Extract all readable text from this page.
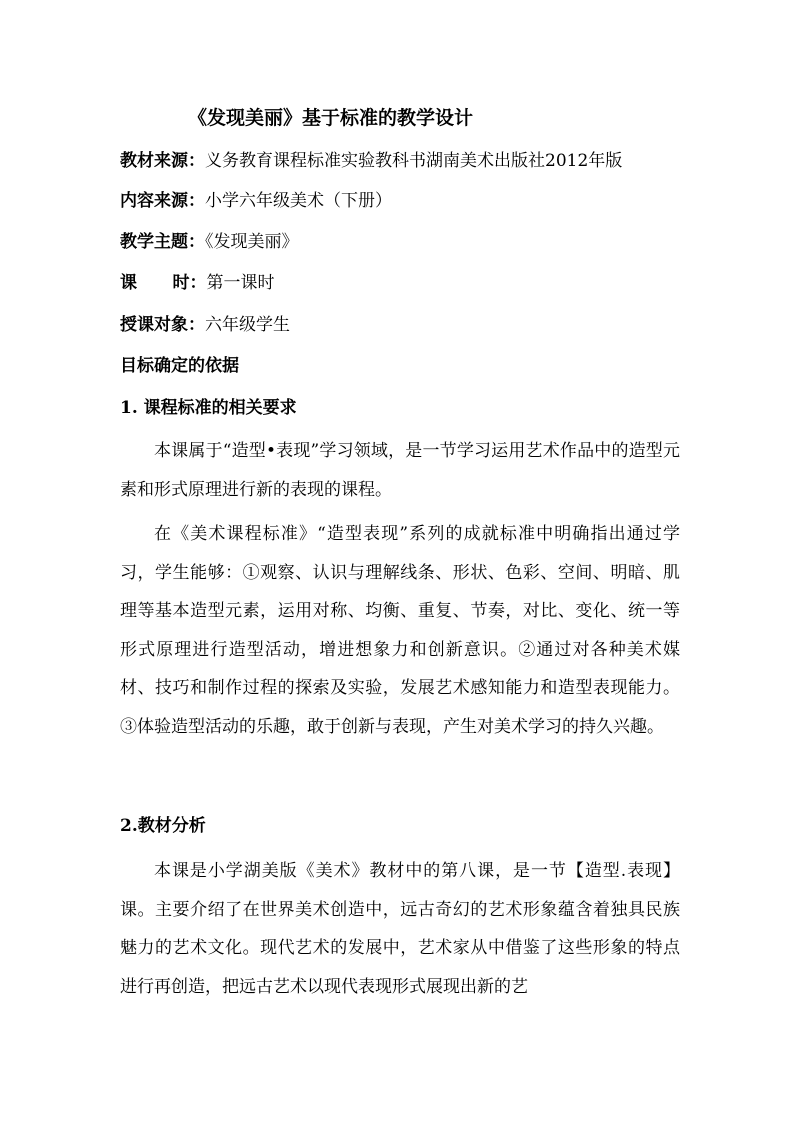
《发现美丽》基于标准的教学设计
教材来源：义务教育课程标准实验教科书湖南美术出版社2012年版
内容来源：小学六年级美术（下册）
教学主题：《发现美丽》
课      时：第一课时
授课对象：六年级学生
目标确定的依据
1. 课程标准的相关要求
本课属于“造型•表现”学习领域，是一节学习运用艺术作品中的造型元素和形式原理进行新的表现的课程。
在《美术课程标准》“造型表现”系列的成就标准中明确指出通过学习，学生能够：①观察、认识与理解线条、形状、色彩、空间、明暗、肌理等基本造型元素，运用对称、均衡、重复、节奏，对比、变化、统一等形式原理进行造型活动，增进想象力和创新意识。②通过对各种美术媒材、技巧和制作过程的探索及实验，发展艺术感知能力和造型表现能力。③体验造型活动的乐趣，敢于创新与表现，产生对美术学习的持久兴趣。
2.教材分析
本课是小学湖美版《美术》教材中的第八课，是一节【造型.表现】课。主要介绍了在世界美术创造中，远古奇幻的艺术形象蕴含着独具民族魅力的艺术文化。现代艺术的发展中，艺术家从中借鉴了这些形象的特点进行再创造，把远古艺术以现代表现形式展现出新的艺
